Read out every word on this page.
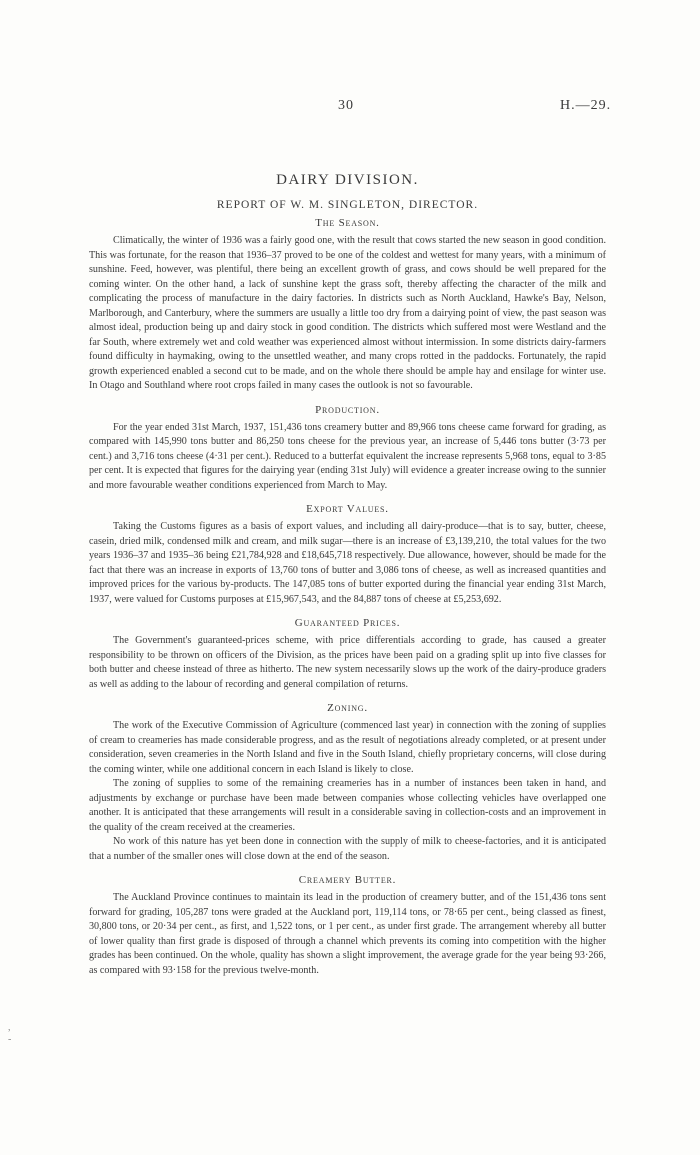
30	H.—29.
,
-
DAIRY DIVISION.
REPORT OF W. M. SINGLETON, DIRECTOR.
The Season.

Climatically, the winter of 1936 was a fairly good one, with the result that cows started the new season in good condition. This was fortunate, for the reason that 1936–37 proved to be one of the coldest and wettest for many years, with a minimum of sunshine. Feed, however, was plentiful, there being an excellent growth of grass, and cows should be well prepared for the coming winter. On the other hand, a lack of sunshine kept the grass soft, thereby affecting the character of the milk and complicating the process of manufacture in the dairy factories. In districts such as North Auckland, Hawke's Bay, Nelson, Marlborough, and Canterbury, where the summers are usually a little too dry from a dairying point of view, the past season was almost ideal, production being up and dairy stock in good condition. The districts which suffered most were Westland and the far South, where extremely wet and cold weather was experienced almost without intermission. In some districts dairy-farmers found difficulty in haymaking, owing to the unsettled weather, and many crops rotted in the paddocks. Fortunately, the rapid growth experienced enabled a second cut to be made, and on the whole there should be ample hay and ensilage for winter use. In Otago and Southland where root crops failed in many cases the outlook is not so favourable.

Production.

For the year ended 31st March, 1937, 151,436 tons creamery butter and 89,966 tons cheese came forward for grading, as compared with 145,990 tons butter and 86,250 tons cheese for the previous year, an increase of 5,446 tons butter (3·73 per cent.) and 3,716 tons cheese (4·31 per cent.). Reduced to a butterfat equivalent the increase represents 5,968 tons, equal to 3·85 per cent. It is expected that figures for the dairying year (ending 31st July) will evidence a greater increase owing to the sunnier and more favourable weather conditions experienced from March to May.

Export Values.

Taking the Customs figures as a basis of export values, and including all dairy-produce—that is to say, butter, cheese, casein, dried milk, condensed milk and cream, and milk sugar—there is an increase of £3,139,210, the total values for the two years 1936–37 and 1935–36 being £21,784,928 and £18,645,718 respectively. Due allowance, however, should be made for the fact that there was an increase in exports of 13,760 tons of butter and 3,086 tons of cheese, as well as increased quantities and improved prices for the various by-products. The 147,085 tons of butter exported during the financial year ending 31st March, 1937, were valued for Customs purposes at £15,967,543, and the 84,887 tons of cheese at £5,253,692.

Guaranteed Prices.

The Government's guaranteed-prices scheme, with price differentials according to grade, has caused a greater responsibility to be thrown on officers of the Division, as the prices have been paid on a grading split up into five classes for both butter and cheese instead of three as hitherto. The new system necessarily slows up the work of the dairy-produce graders as well as adding to the labour of recording and general compilation of returns.

Zoning.

The work of the Executive Commission of Agriculture (commenced last year) in connection with the zoning of supplies of cream to creameries has made considerable progress, and as the result of negotiations already completed, or at present under consideration, seven creameries in the North Island and five in the South Island, chiefly proprietary concerns, will close during the coming winter, while one additional concern in each Island is likely to close.

The zoning of supplies to some of the remaining creameries has in a number of instances been taken in hand, and adjustments by exchange or purchase have been made between companies whose collecting vehicles have overlapped one another. It is anticipated that these arrangements will result in a considerable saving in collection-costs and an improvement in the quality of the cream received at the creameries.

No work of this nature has yet been done in connection with the supply of milk to cheese-factories, and it is anticipated that a number of the smaller ones will close down at the end of the season.

Creamery Butter.

The Auckland Province continues to maintain its lead in the production of creamery butter, and of the 151,436 tons sent forward for grading, 105,287 tons were graded at the Auckland port, 119,114 tons, or 78·65 per cent., being classed as finest, 30,800 tons, or 20·34 per cent., as first, and 1,522 tons, or 1 per cent., as under first grade. The arrangement whereby all butter of lower quality than first grade is disposed of through a channel which prevents its coming into competition with the higher grades has been continued. On the whole, quality has shown a slight improvement, the average grade for the year being 93·266, as compared with 93·158 for the previous twelve-month.
